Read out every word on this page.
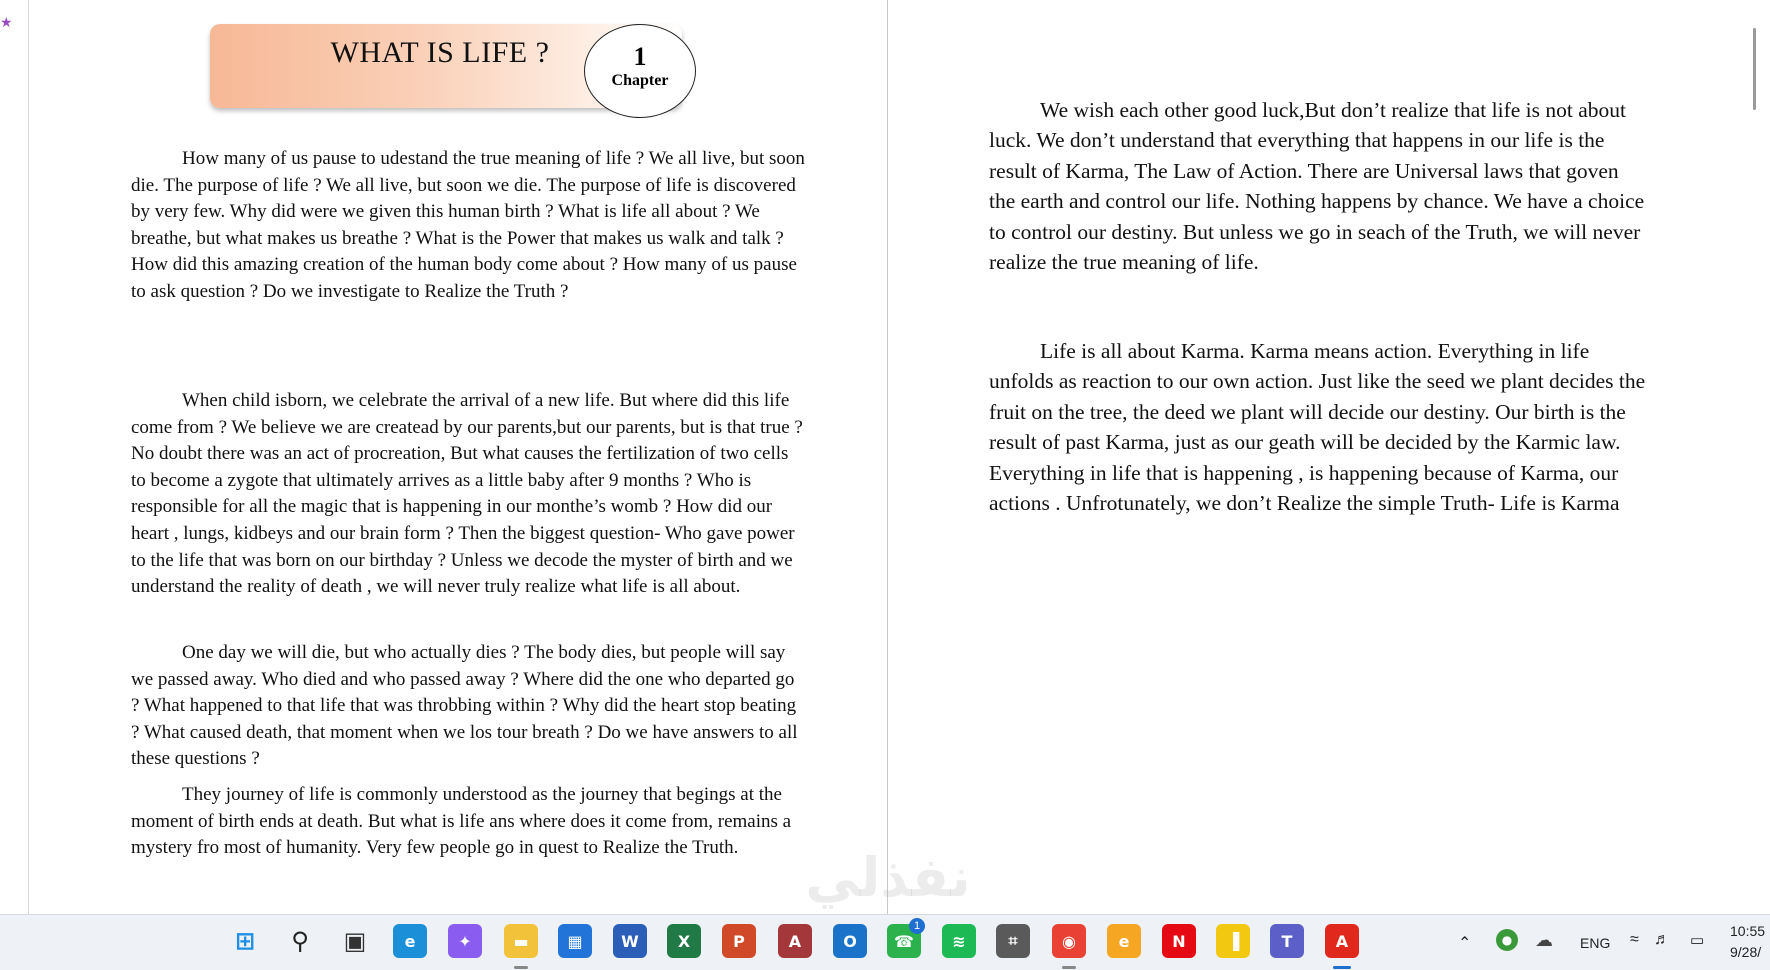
★
WHAT IS LIFE ?	1
Chapter

How many of us pause to udestand the true meaning of life ? We all live, but soon die. The purpose of life ? We all live, but soon we die. The purpose of life is discovered by very few. Why did were we given this human birth ? What is life all about ? We breathe, but what makes us breathe ? What is the Power that makes us walk and talk ? How did this amazing creation of the human body come about ? How many of us pause to ask question ? Do we investigate to Realize the Truth ?

When child isborn, we celebrate the arrival of a new life. But where did this life come from ? We believe we are createad by our parents,but our parents, but is that true ? No doubt there was an act of procreation, But what causes the fertilization of two cells to become a zygote that ultimately arrives as a little baby after 9 months ? Who is responsible for all the magic that is happening in our monthe’s womb ? How did our heart , lungs, kidbeys and our brain form ? Then the biggest question- Who gave power to the life that was born on our birthday ? Unless we decode the myster of birth and we understand the reality of death , we will never truly realize what life is all about.

One day we will die, but who actually dies ? The body dies, but people will say we passed away. Who died and who passed away ? Where did the one who departed go ? What happened to that life that was throbbing within ? Why did the heart stop beating ? What caused death, that moment when we los tour breath ? Do we have answers to all these questions ?

They journey of life is commonly understood as the journey that begings at the moment of birth ends at death. But what is life ans where does it come from, remains a mystery fro most of humanity. Very few people go in quest to Realize the Truth.

We wish each other good luck,But don’t realize that life is not about luck. We don’t understand that everything that happens in our life is the result of Karma, The Law of Action. There are Universal laws that goven the earth and control our life. Nothing happens by chance. We have a choice to control our destiny. But unless we go in seach of the Truth, we will never realize the true meaning of life.

Life is all about Karma. Karma means action. Everything in life unfolds as reaction to our own action. Just like the seed we plant decides the fruit on the tree, the deed we plant will decide our destiny. Our birth is the result of past Karma, just as our geath will be decided by the Karmic law. Everything in life that is happening , is happening because of Karma, our actions . Unfrotunately, we don’t Realize the simple Truth- Life is Karma

نفذلي
⊞	⚲	▣	e	✦	▬	▦	W	X	P	A	O	☎
1
≋	⌗	◉	e	N	▐	T	A	⌃	●	☁ ENG ≈ ♬ ▭
10:55
9/28/
